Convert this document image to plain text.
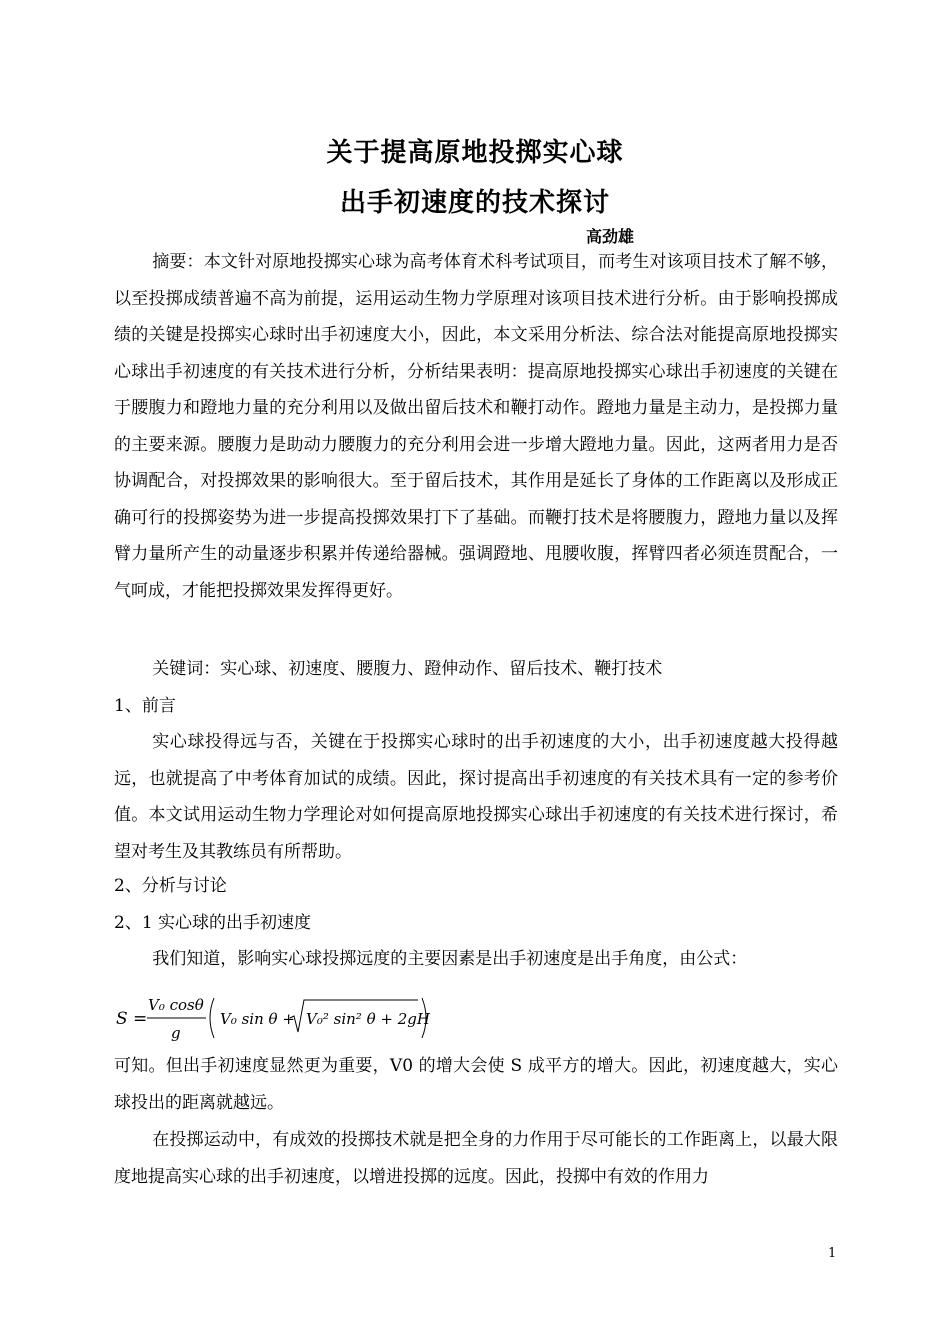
关于提高原地投掷实心球
出手初速度的技术探讨
高劲雄

摘要：本文针对原地投掷实心球为高考体育术科考试项目，而考生对该项目技术了解不够，以至投掷成绩普遍不高为前提，运用运动生物力学原理对该项目技术进行分析。由于影响投掷成绩的关键是投掷实心球时出手初速度大小，因此，本文采用分析法、综合法对能提高原地投掷实心球出手初速度的有关技术进行分析，分析结果表明：提高原地投掷实心球出手初速度的关键在于腰腹力和蹬地力量的充分利用以及做出留后技术和鞭打动作。蹬地力量是主动力，是投掷力量的主要来源。腰腹力是助动力腰腹力的充分利用会进一步增大蹬地力量。因此，这两者用力是否协调配合，对投掷效果的影响很大。至于留后技术，其作用是延长了身体的工作距离以及形成正确可行的投掷姿势为进一步提高投掷效果打下了基础。而鞭打技术是将腰腹力，蹬地力量以及挥臂力量所产生的动量逐步积累并传递给器械。强调蹬地、甩腰收腹，挥臂四者必须连贯配合，一气呵成，才能把投掷效果发挥得更好。

关键词：实心球、初速度、腰腹力、蹬伸动作、留后技术、鞭打技术

1、前言

实心球投得远与否，关键在于投掷实心球时的出手初速度的大小，出手初速度越大投得越远，也就提高了中考体育加试的成绩。因此，探讨提高出手初速度的有关技术具有一定的参考价值。本文试用运动生物力学理论对如何提高原地投掷实心球出手初速度的有关技术进行探讨，希望对考生及其教练员有所帮助。

2、分析与讨论

2、1 实心球的出手初速度

我们知道，影响实心球投掷远度的主要因素是出手初速度是出手角度，由公式：

S =
V₀ cosθ
g
V₀ sin θ + V₀² sin² θ + 2gH

可知。但出手初速度显然更为重要，V0 的增大会使 S 成平方的增大。因此，初速度越大，实心球投出的距离就越远。

在投掷运动中，有成效的投掷技术就是把全身的力作用于尽可能长的工作距离上，以最大限度地提高实心球的出手初速度，以增进投掷的远度。因此，投掷中有效的作用力

1
